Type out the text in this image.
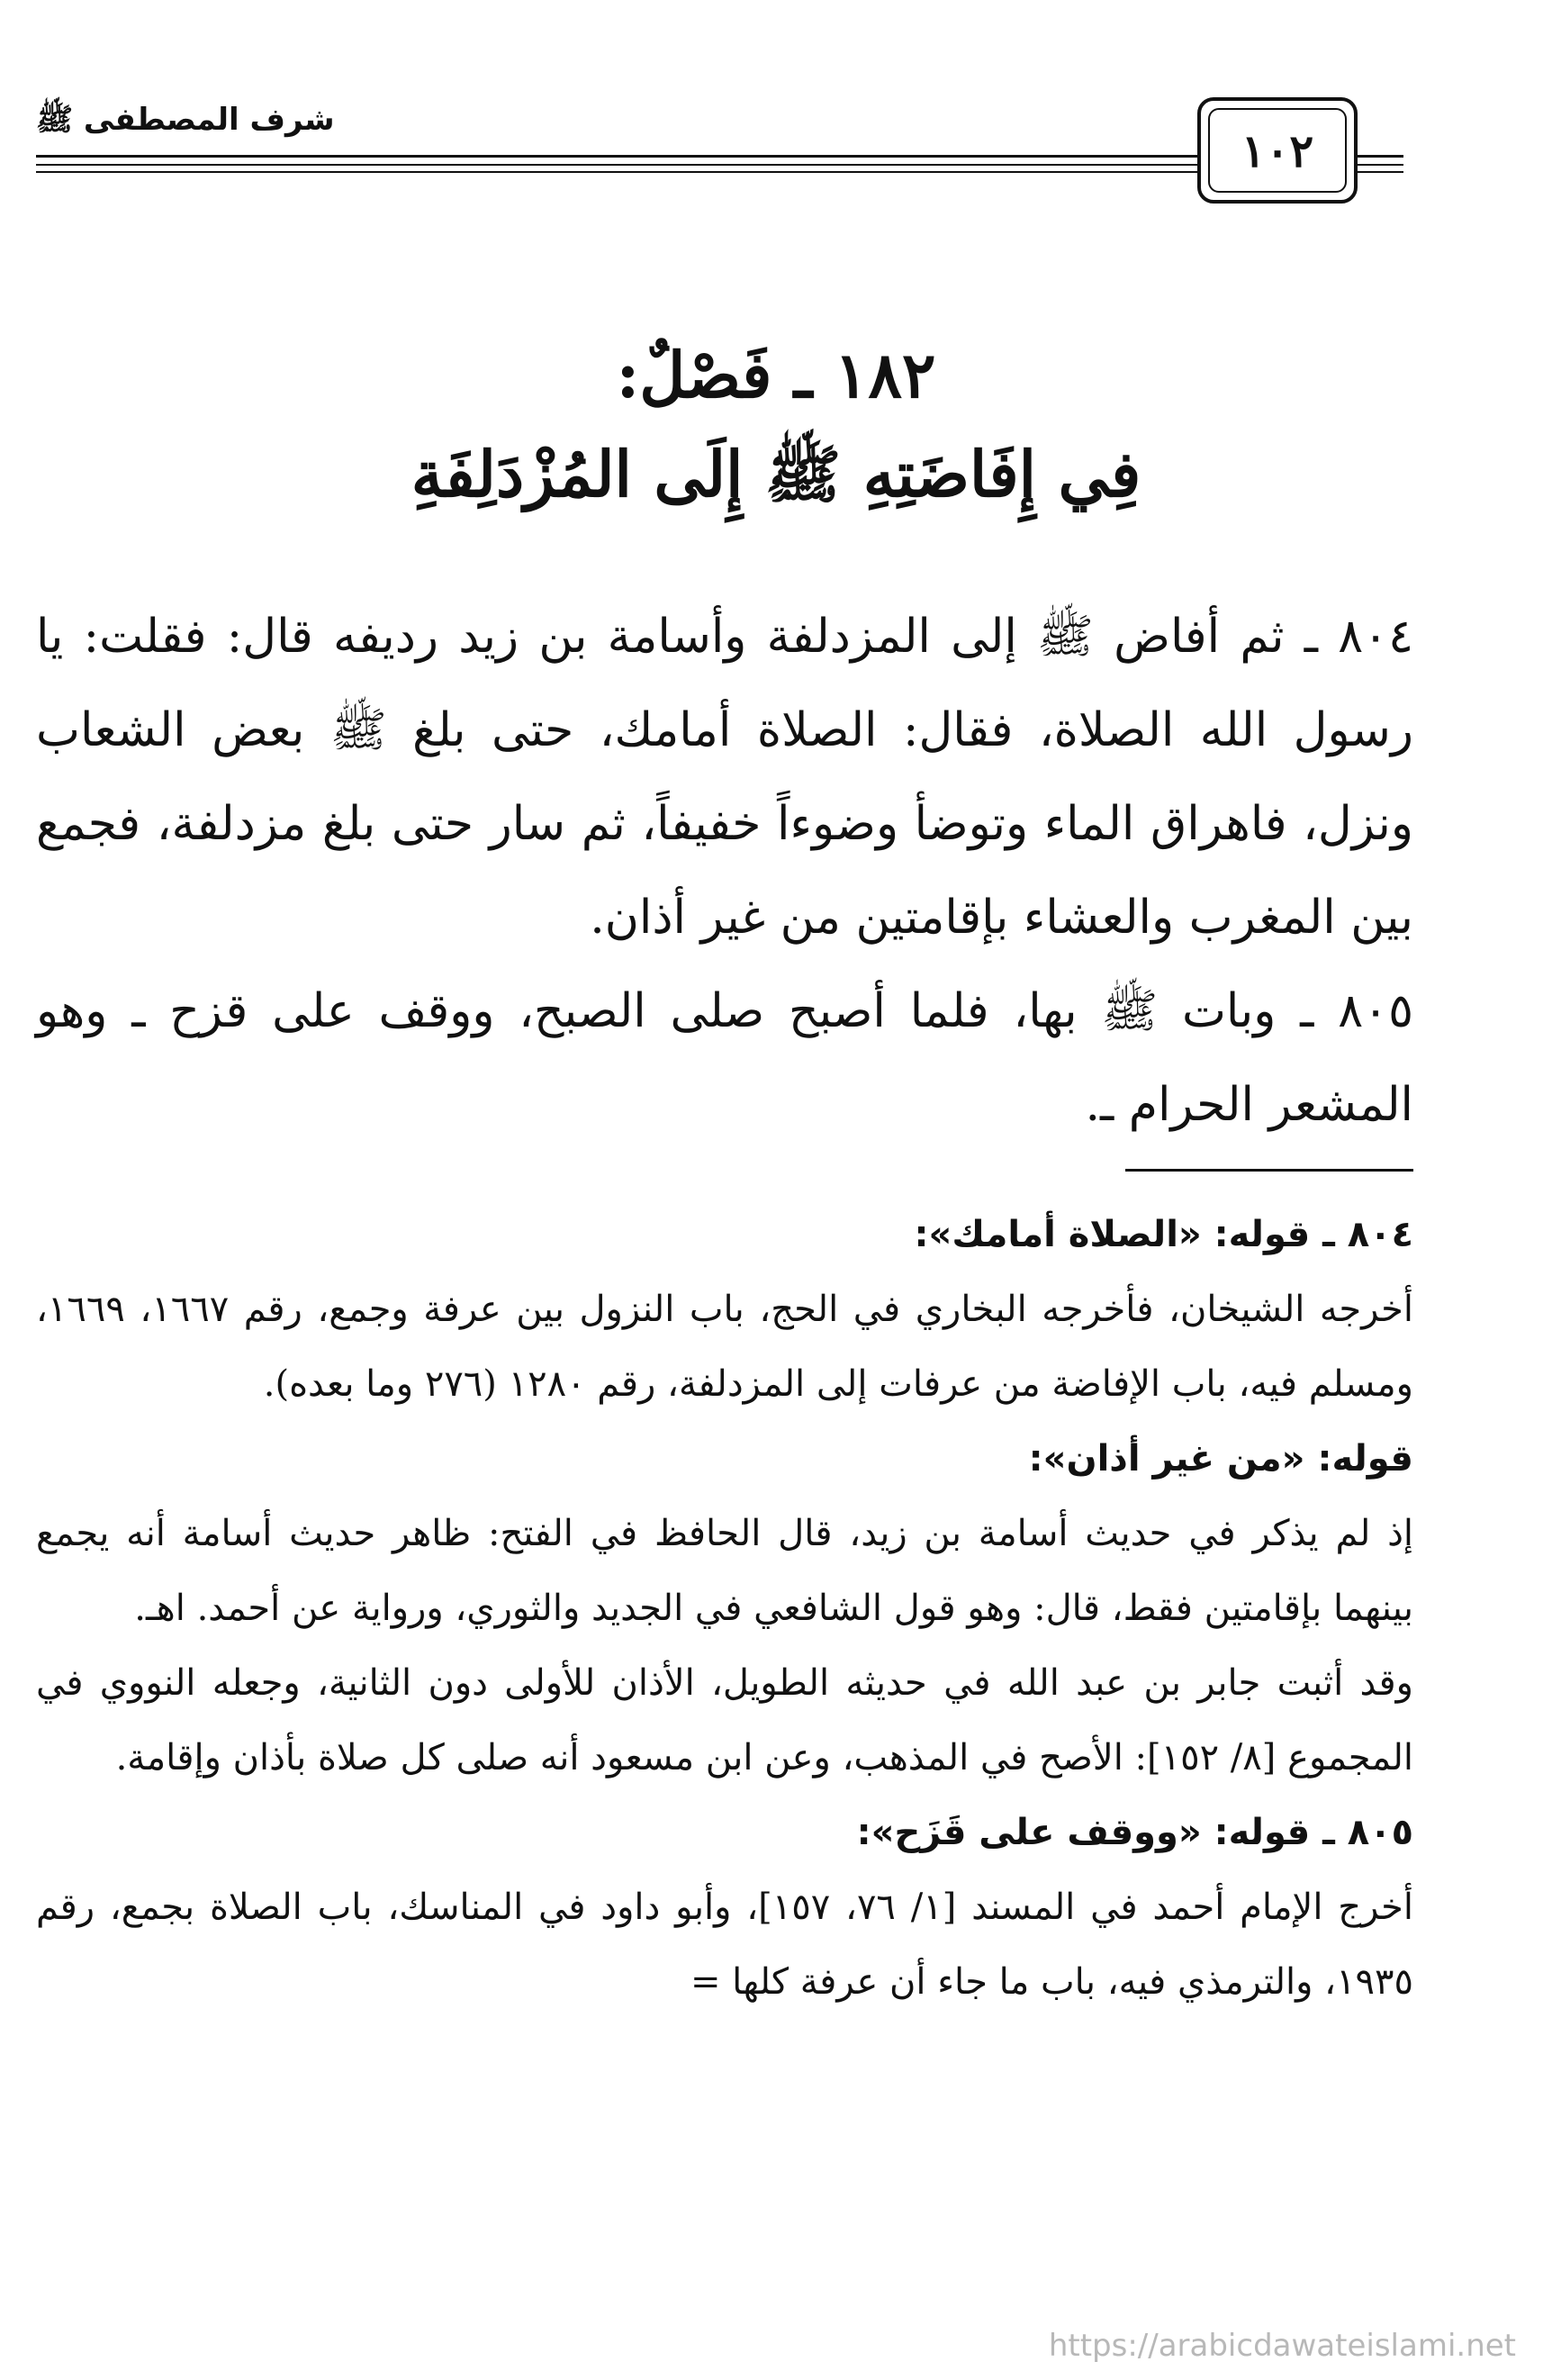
شرف المصطفى ﷺ
١٠٢
١٨٢ ـ فَصْلٌ:
فِي إِفَاضَتِهِ ﷺ إِلَى المُزْدَلِفَةِ

٨٠٤ ـ ثم أفاض ﷺ إلى المزدلفة وأسامة بن زيد رديفه قال: فقلت: يا رسول الله الصلاة، فقال: الصلاة أمامك، حتى بلغ ﷺ بعض الشعاب ونزل، فاهراق الماء وتوضأ وضوءاً خفيفاً، ثم سار حتى بلغ مزدلفة، فجمع بين المغرب والعشاء بإقامتين من غير أذان.

٨٠٥ ـ وبات ﷺ بها، فلما أصبح صلى الصبح، ووقف على قزح ـ وهو المشعر الحرام ـ.

٨٠٤ ـ قوله: «الصلاة أمامك»:

أخرجه الشيخان، فأخرجه البخاري في الحج، باب النزول بين عرفة وجمع، رقم ١٦٦٧، ١٦٦٩، ومسلم فيه، باب الإفاضة من عرفات إلى المزدلفة، رقم ١٢٨٠ (٢٧٦ وما بعده).

قوله: «من غير أذان»:

إذ لم يذكر في حديث أسامة بن زيد، قال الحافظ في الفتح: ظاهر حديث أسامة أنه يجمع بينهما بإقامتين فقط، قال: وهو قول الشافعي في الجديد والثوري، ورواية عن أحمد. اهـ.

وقد أثبت جابر بن عبد الله في حديثه الطويل، الأذان للأولى دون الثانية، وجعله النووي في المجموع [٨/ ١٥٢]: الأصح في المذهب، وعن ابن مسعود أنه صلى كل صلاة بأذان وإقامة.

٨٠٥ ـ قوله: «ووقف على قَزَح»:

أخرج الإمام أحمد في المسند [١/ ٧٦، ١٥٧]، وأبو داود في المناسك، باب الصلاة بجمع، رقم ١٩٣٥، والترمذي فيه، باب ما جاء أن عرفة كلها =

https://arabicdawateislami.net
